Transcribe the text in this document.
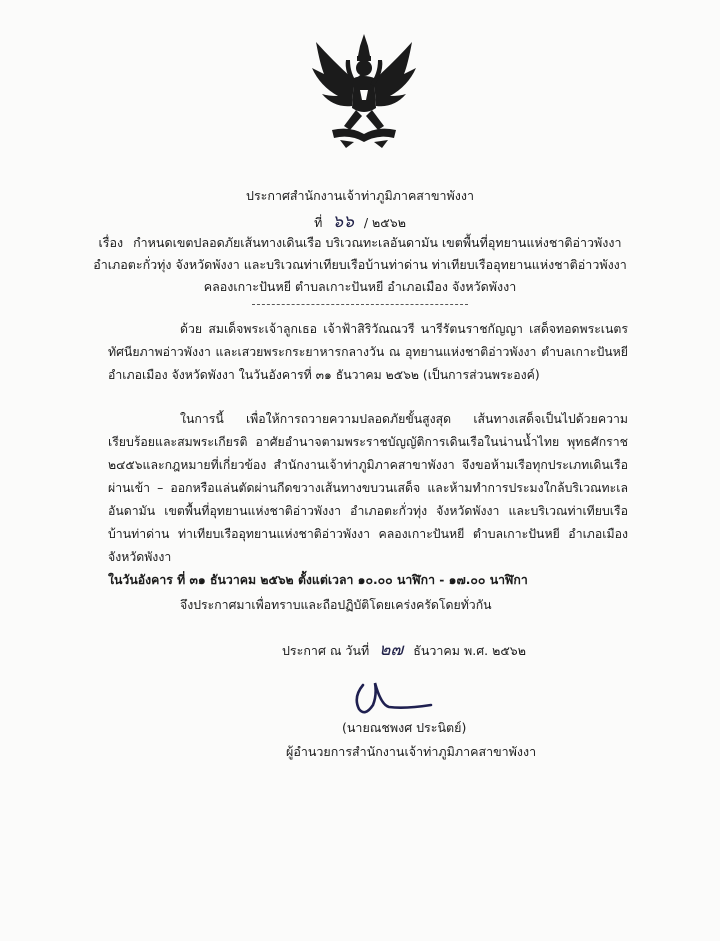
ประกาศสำนักงานเจ้าท่าภูมิภาคสาขาพังงา
ที่ ๖๖ / ๒๕๖๒
เรื่อง กำหนดเขตปลอดภัยเส้นทางเดินเรือ บริเวณทะเลอันดามัน เขตพื้นที่อุทยานแห่งชาติอ่าวพังงา
อำเภอตะกั่วทุ่ง จังหวัดพังงา และบริเวณท่าเทียบเรือบ้านท่าด่าน ท่าเทียบเรืออุทยานแห่งชาติอ่าวพังงา
คลองเกาะปันหยี ตำบลเกาะปันหยี อำเภอเมือง จังหวัดพังงา

ด้วย สมเด็จพระเจ้าลูกเธอ เจ้าฟ้าสิริวัณณวรี นารีรัตนราชกัญญา เสด็จทอดพระเนตรทัศนียภาพอ่าวพังงา และเสวยพระกระยาหารกลางวัน ณ อุทยานแห่งชาติอ่าวพังงา ตำบลเกาะปันหยีอำเภอเมือง จังหวัดพังงา ในวันอังคารที่ ๓๑ ธันวาคม ๒๕๖๒ (เป็นการส่วนพระองค์)

ในการนี้ เพื่อให้การถวายความปลอดภัยขั้นสูงสุด เส้นทางเสด็จเป็นไปด้วยความเรียบร้อยและสมพระเกียรติ อาศัยอำนาจตามพระราชบัญญัติการเดินเรือในน่านน้ำไทย พุทธศักราช ๒๔๕๖และกฎหมายที่เกี่ยวข้อง สำนักงานเจ้าท่าภูมิภาคสาขาพังงา จึงขอห้ามเรือทุกประเภทเดินเรือผ่านเข้า – ออกหรือแล่นตัดผ่านกีดขวางเส้นทางขบวนเสด็จ และห้ามทำการประมงใกล้บริเวณทะเลอันดามัน เขตพื้นที่อุทยานแห่งชาติอ่าวพังงา อำเภอตะกั่วทุ่ง จังหวัดพังงา และบริเวณท่าเทียบเรือบ้านท่าด่าน ท่าเทียบเรืออุทยานแห่งชาติอ่าวพังงา คลองเกาะปันหยี ตำบลเกาะปันหยี อำเภอเมือง จังหวัดพังงา
ในวันอังคาร ที่ ๓๑ ธันวาคม ๒๕๖๒ ตั้งแต่เวลา ๑๐.๐๐ นาฬิกา - ๑๗.๐๐ นาฬิกา

จึงประกาศมาเพื่อทราบและถือปฏิบัติโดยเคร่งครัดโดยทั่วกัน

ประกาศ ณ วันที่ ๒๗ ธันวาคม พ.ศ. ๒๕๖๒
(นายณชพงศ ประนิตย์)
ผู้อำนวยการสำนักงานเจ้าท่าภูมิภาคสาขาพังงา
